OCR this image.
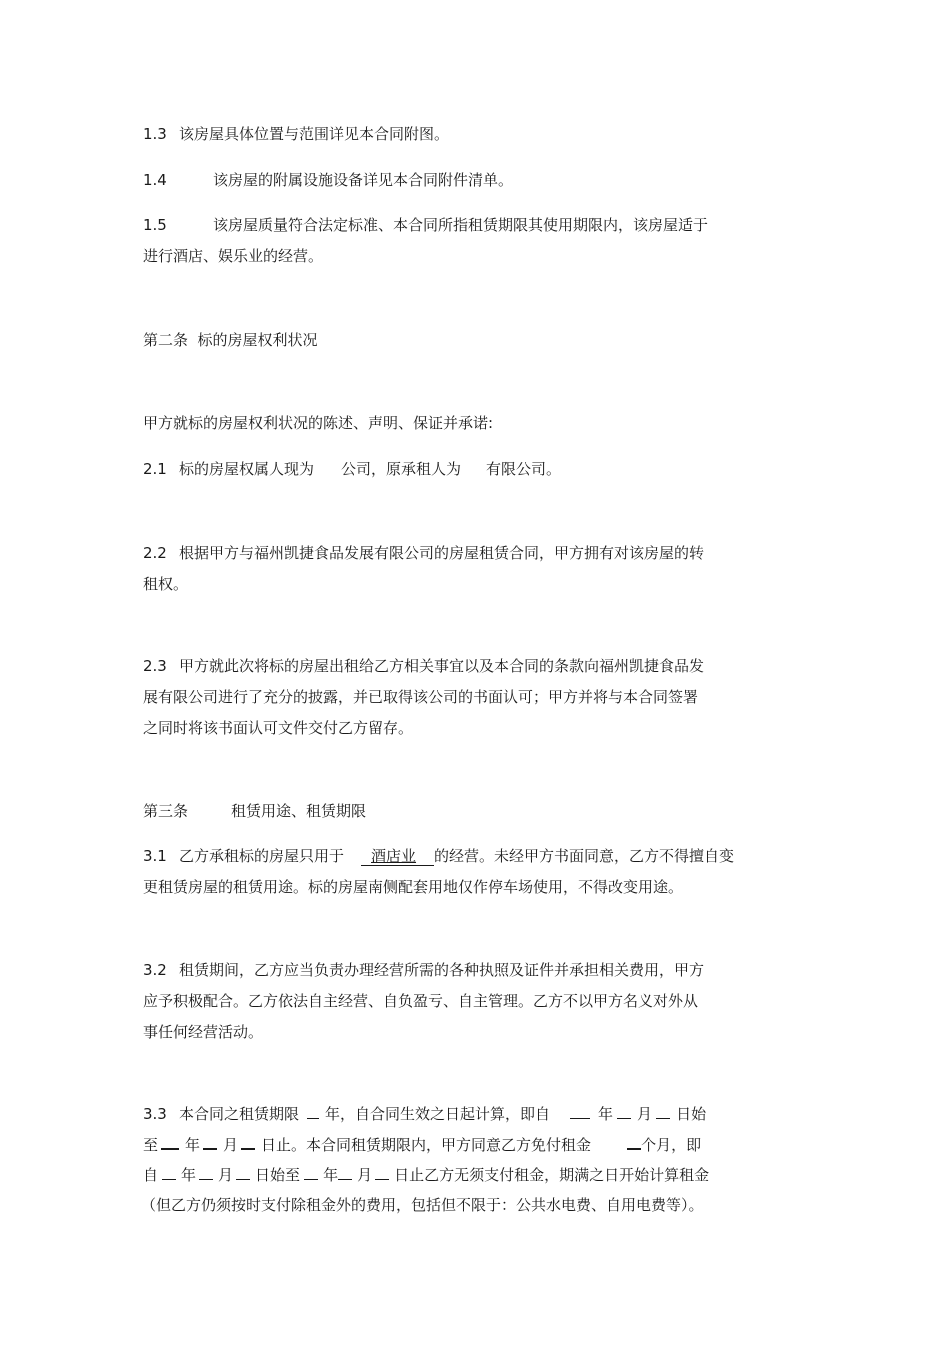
1.3 该房屋具体位置与范围详见本合同附图。
1.4	该房屋的附属设施设备详见本合同附件清单。
1.5	该房屋质量符合法定标准、本合同所指租赁期限其使用期限内，该房屋适于
进行酒店、娱乐业的经营。
第二条  标的房屋权利状况
甲方就标的房屋权利状况的陈述、声明、保证并承诺:
2.1 标的房屋权属人现为 公司，原承租人为 有限公司。
2.2 根据甲方与福州凯捷食品发展有限公司的房屋租赁合同，甲方拥有对该房屋的转
租权。
2.3 甲方就此次将标的房屋出租给乙方相关事宜以及本合同的条款向福州凯捷食品发
展有限公司进行了充分的披露，并已取得该公司的书面认可；甲方并将与本合同签署
之同时将该书面认可文件交付乙方留存。
第三条	租赁用途、租赁期限
3.1 乙方承租标的房屋只用于 酒店业 的经营。未经甲方书面同意，乙方不得擅自变
更租赁房屋的租赁用途。标的房屋南侧配套用地仅作停车场使用，不得改变用途。
3.2 租赁期间，乙方应当负责办理经营所需的各种执照及证件并承担相关费用，甲方
应予积极配合。乙方依法自主经营、自负盈亏、自主管理。乙方不以甲方名义对外从
事任何经营活动。
3.3 本合同之租赁期限 年，自合同生效之日起计算，即自	年 月 日始
至 年 月 日止。本合同租赁期限内，甲方同意乙方免付租金	个月，即
自 年 月 日始至 年 月 日止乙方无须支付租金，期满之日开始计算租金
（但乙方仍须按时支付除租金外的费用，包括但不限于：公共水电费、自用电费等）。
